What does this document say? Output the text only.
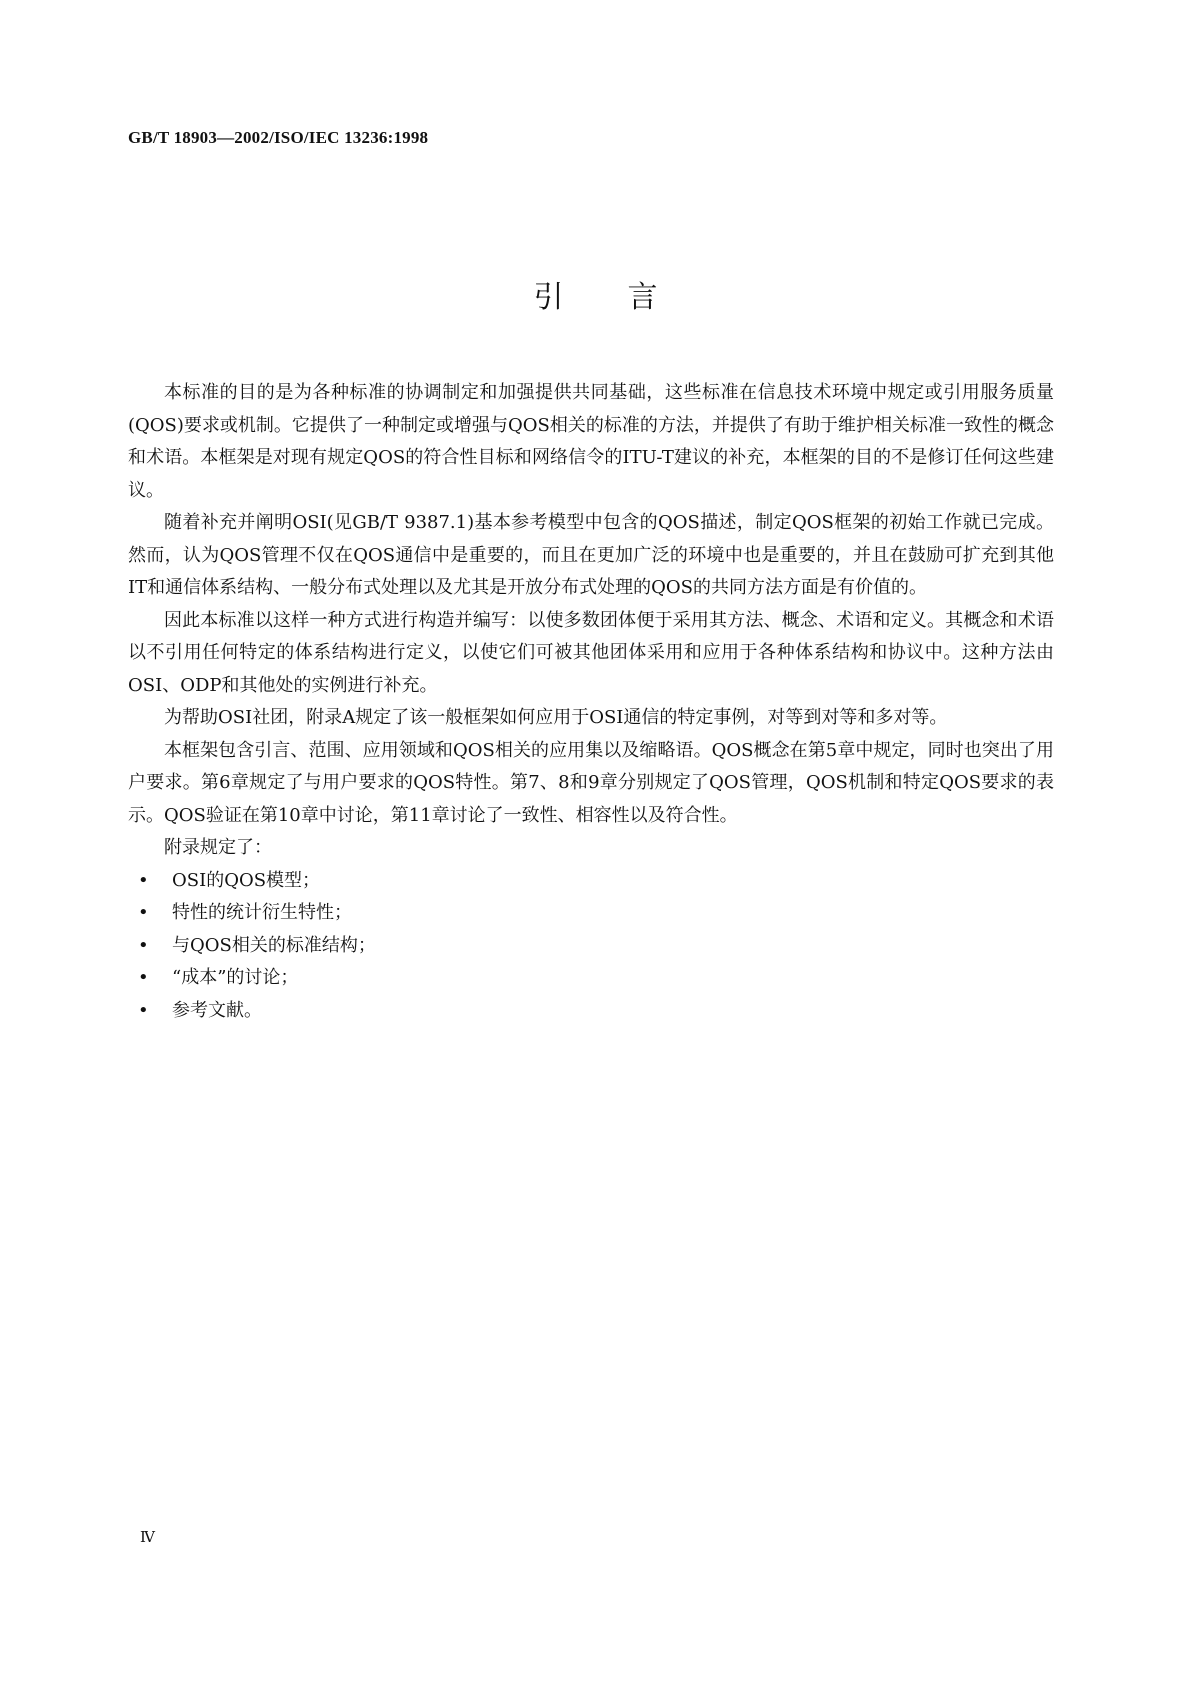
GB/T 18903—2002/ISO/IEC 13236:1998
引言

本标准的目的是为各种标准的协调制定和加强提供共同基础，这些标准在信息技术环境中规定或引用服务质量(QOS)要求或机制。它提供了一种制定或增强与QOS相关的标准的方法，并提供了有助于维护相关标准一致性的概念和术语。本框架是对现有规定QOS的符合性目标和网络信令的ITU-T建议的补充，本框架的目的不是修订任何这些建议。

随着补充并阐明OSI(见GB/T 9387.1)基本参考模型中包含的QOS描述，制定QOS框架的初始工作就已完成。然而，认为QOS管理不仅在QOS通信中是重要的，而且在更加广泛的环境中也是重要的，并且在鼓励可扩充到其他IT和通信体系结构、一般分布式处理以及尤其是开放分布式处理的QOS的共同方法方面是有价值的。

因此本标准以这样一种方式进行构造并编写：以使多数团体便于采用其方法、概念、术语和定义。其概念和术语以不引用任何特定的体系结构进行定义，以使它们可被其他团体采用和应用于各种体系结构和协议中。这种方法由OSI、ODP和其他处的实例进行补充。

为帮助OSI社团，附录A规定了该一般框架如何应用于OSI通信的特定事例，对等到对等和多对等。

本框架包含引言、范围、应用领域和QOS相关的应用集以及缩略语。QOS概念在第5章中规定，同时也突出了用户要求。第6章规定了与用户要求的QOS特性。第7、8和9章分别规定了QOS管理，QOS机制和特定QOS要求的表示。QOS验证在第10章中讨论，第11章讨论了一致性、相容性以及符合性。

附录规定了：

• OSI的QOS模型；
• 特性的统计衍生特性；
• 与QOS相关的标准结构；
• “成本”的讨论；
• 参考文献。
Ⅳ
